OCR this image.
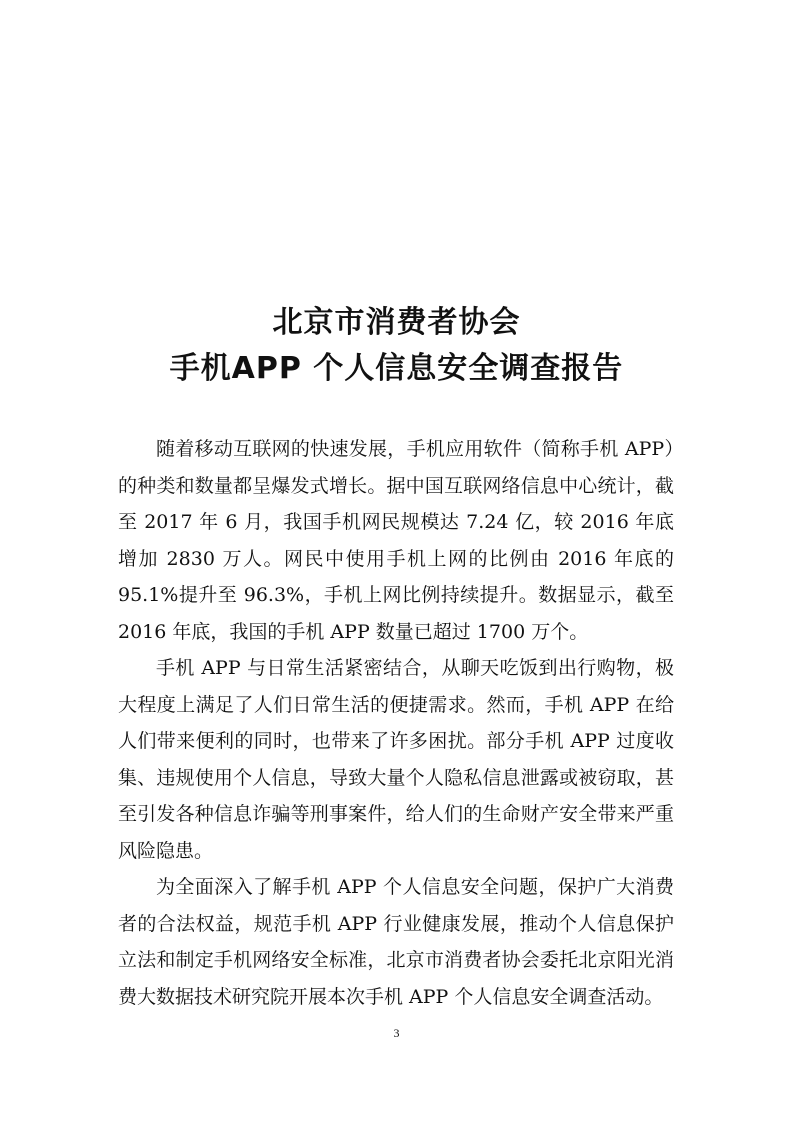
北京市消费者协会

手机APP 个人信息安全调查报告

随着移动互联网的快速发展，手机应用软件（简称手机 APP）的种类和数量都呈爆发式增长。据中国互联网络信息中心统计，截至 2017 年 6 月，我国手机网民规模达 7.24 亿，较 2016 年底增加 2830 万人。网民中使用手机上网的比例由 2016 年底的 95.1%提升至 96.3%，手机上网比例持续提升。数据显示，截至 2016 年底，我国的手机 APP 数量已超过 1700 万个。

手机 APP 与日常生活紧密结合，从聊天吃饭到出行购物，极大程度上满足了人们日常生活的便捷需求。然而，手机 APP 在给人们带来便利的同时，也带来了许多困扰。部分手机 APP 过度收集、违规使用个人信息，导致大量个人隐私信息泄露或被窃取，甚至引发各种信息诈骗等刑事案件，给人们的生命财产安全带来严重风险隐患。

为全面深入了解手机 APP 个人信息安全问题，保护广大消费者的合法权益，规范手机 APP 行业健康发展，推动个人信息保护立法和制定手机网络安全标准，北京市消费者协会委托北京阳光消费大数据技术研究院开展本次手机 APP 个人信息安全调查活动。

3
